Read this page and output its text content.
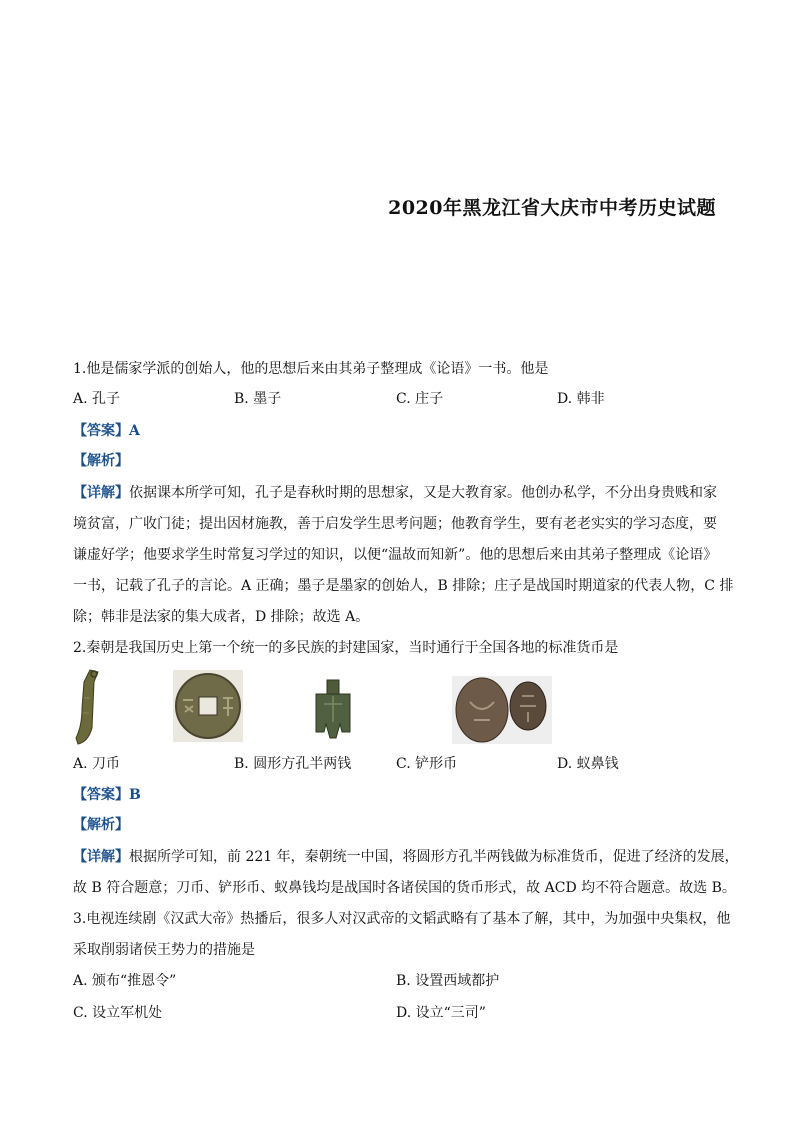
2020年黑龙江省大庆市中考历史试题
1.他是儒家学派的创始人，他的思想后来由其弟子整理成《论语》一书。他是
A. 孔子	B. 墨子	C. 庄子	D. 韩非
【答案】A
【解析】
【详解】依据课本所学可知，孔子是春秋时期的思想家，又是大教育家。他创办私学，不分出身贵贱和家
境贫富，广收门徒；提出因材施教，善于启发学生思考问题；他教育学生，要有老老实实的学习态度，要
谦虚好学；他要求学生时常复习学过的知识，以便“温故而知新”。他的思想后来由其弟子整理成《论语》
一书，记载了孔子的言论。A 正确；墨子是墨家的创始人，B 排除；庄子是战国时期道家的代表人物，C 排
除；韩非是法家的集大成者，D 排除；故选 A。
2.秦朝是我国历史上第一个统一的多民族的封建国家，当时通行于全国各地的标准货币是
A. 刀币	B. 圆形方孔半两钱	C. 铲形币	D. 蚁鼻钱
【答案】B
【解析】
【详解】根据所学可知，前 221 年，秦朝统一中国，将圆形方孔半两钱做为标准货币，促进了经济的发展，
故 B 符合题意；刀币、铲形币、蚁鼻钱均是战国时各诸侯国的货币形式，故 ACD 均不符合题意。故选 B。
3.电视连续剧《汉武大帝》热播后，很多人对汉武帝的文韬武略有了基本了解，其中，为加强中央集权，他
采取削弱诸侯王势力的措施是
A. 颁布“推恩令”	B. 设置西域都护
C. 设立军机处	D. 设立“三司”
